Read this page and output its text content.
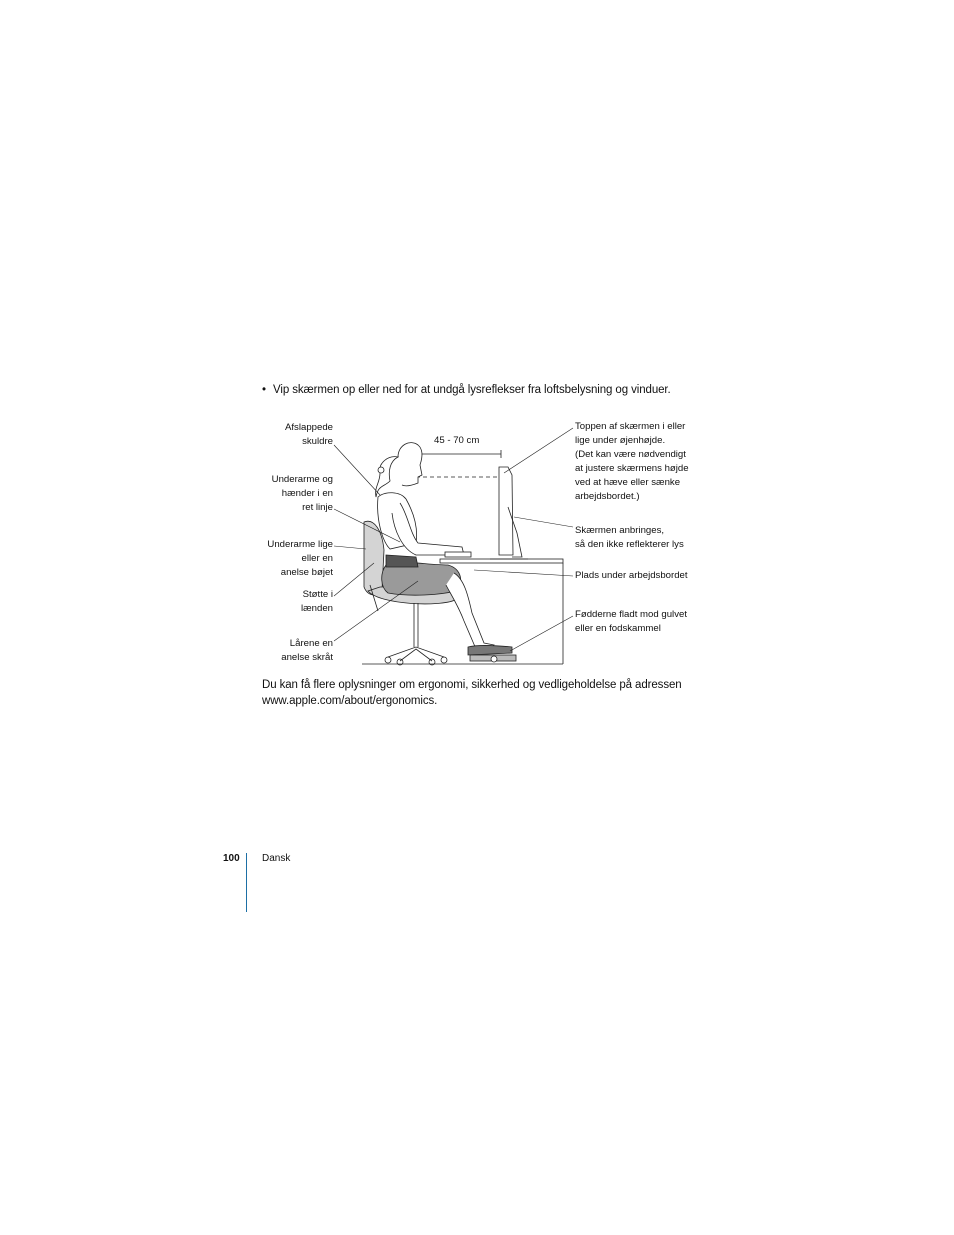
• Vip skærmen op eller ned for at undgå lysreflekser fra loftsbelysning og vinduer.
Afslappede
skuldre
Underarme og
hænder i en
ret linje
Underarme lige
eller en
anelse bøjet
Støtte i
lænden
Lårene en
anelse skråt
45 - 70 cm
Toppen af skærmen i eller
lige under øjenhøjde.
(Det kan være nødvendigt
at justere skærmens højde
ved at hæve eller sænke
arbejdsbordet.)
Skærmen anbringes,
så den ikke reflekterer lys
Plads under arbejdsbordet
Fødderne fladt mod gulvet
eller en fodskammel
Du kan få flere oplysninger om ergonomi, sikkerhed og vedligeholdelse på adressen
www.apple.com/about/ergonomics.
100 Dansk
